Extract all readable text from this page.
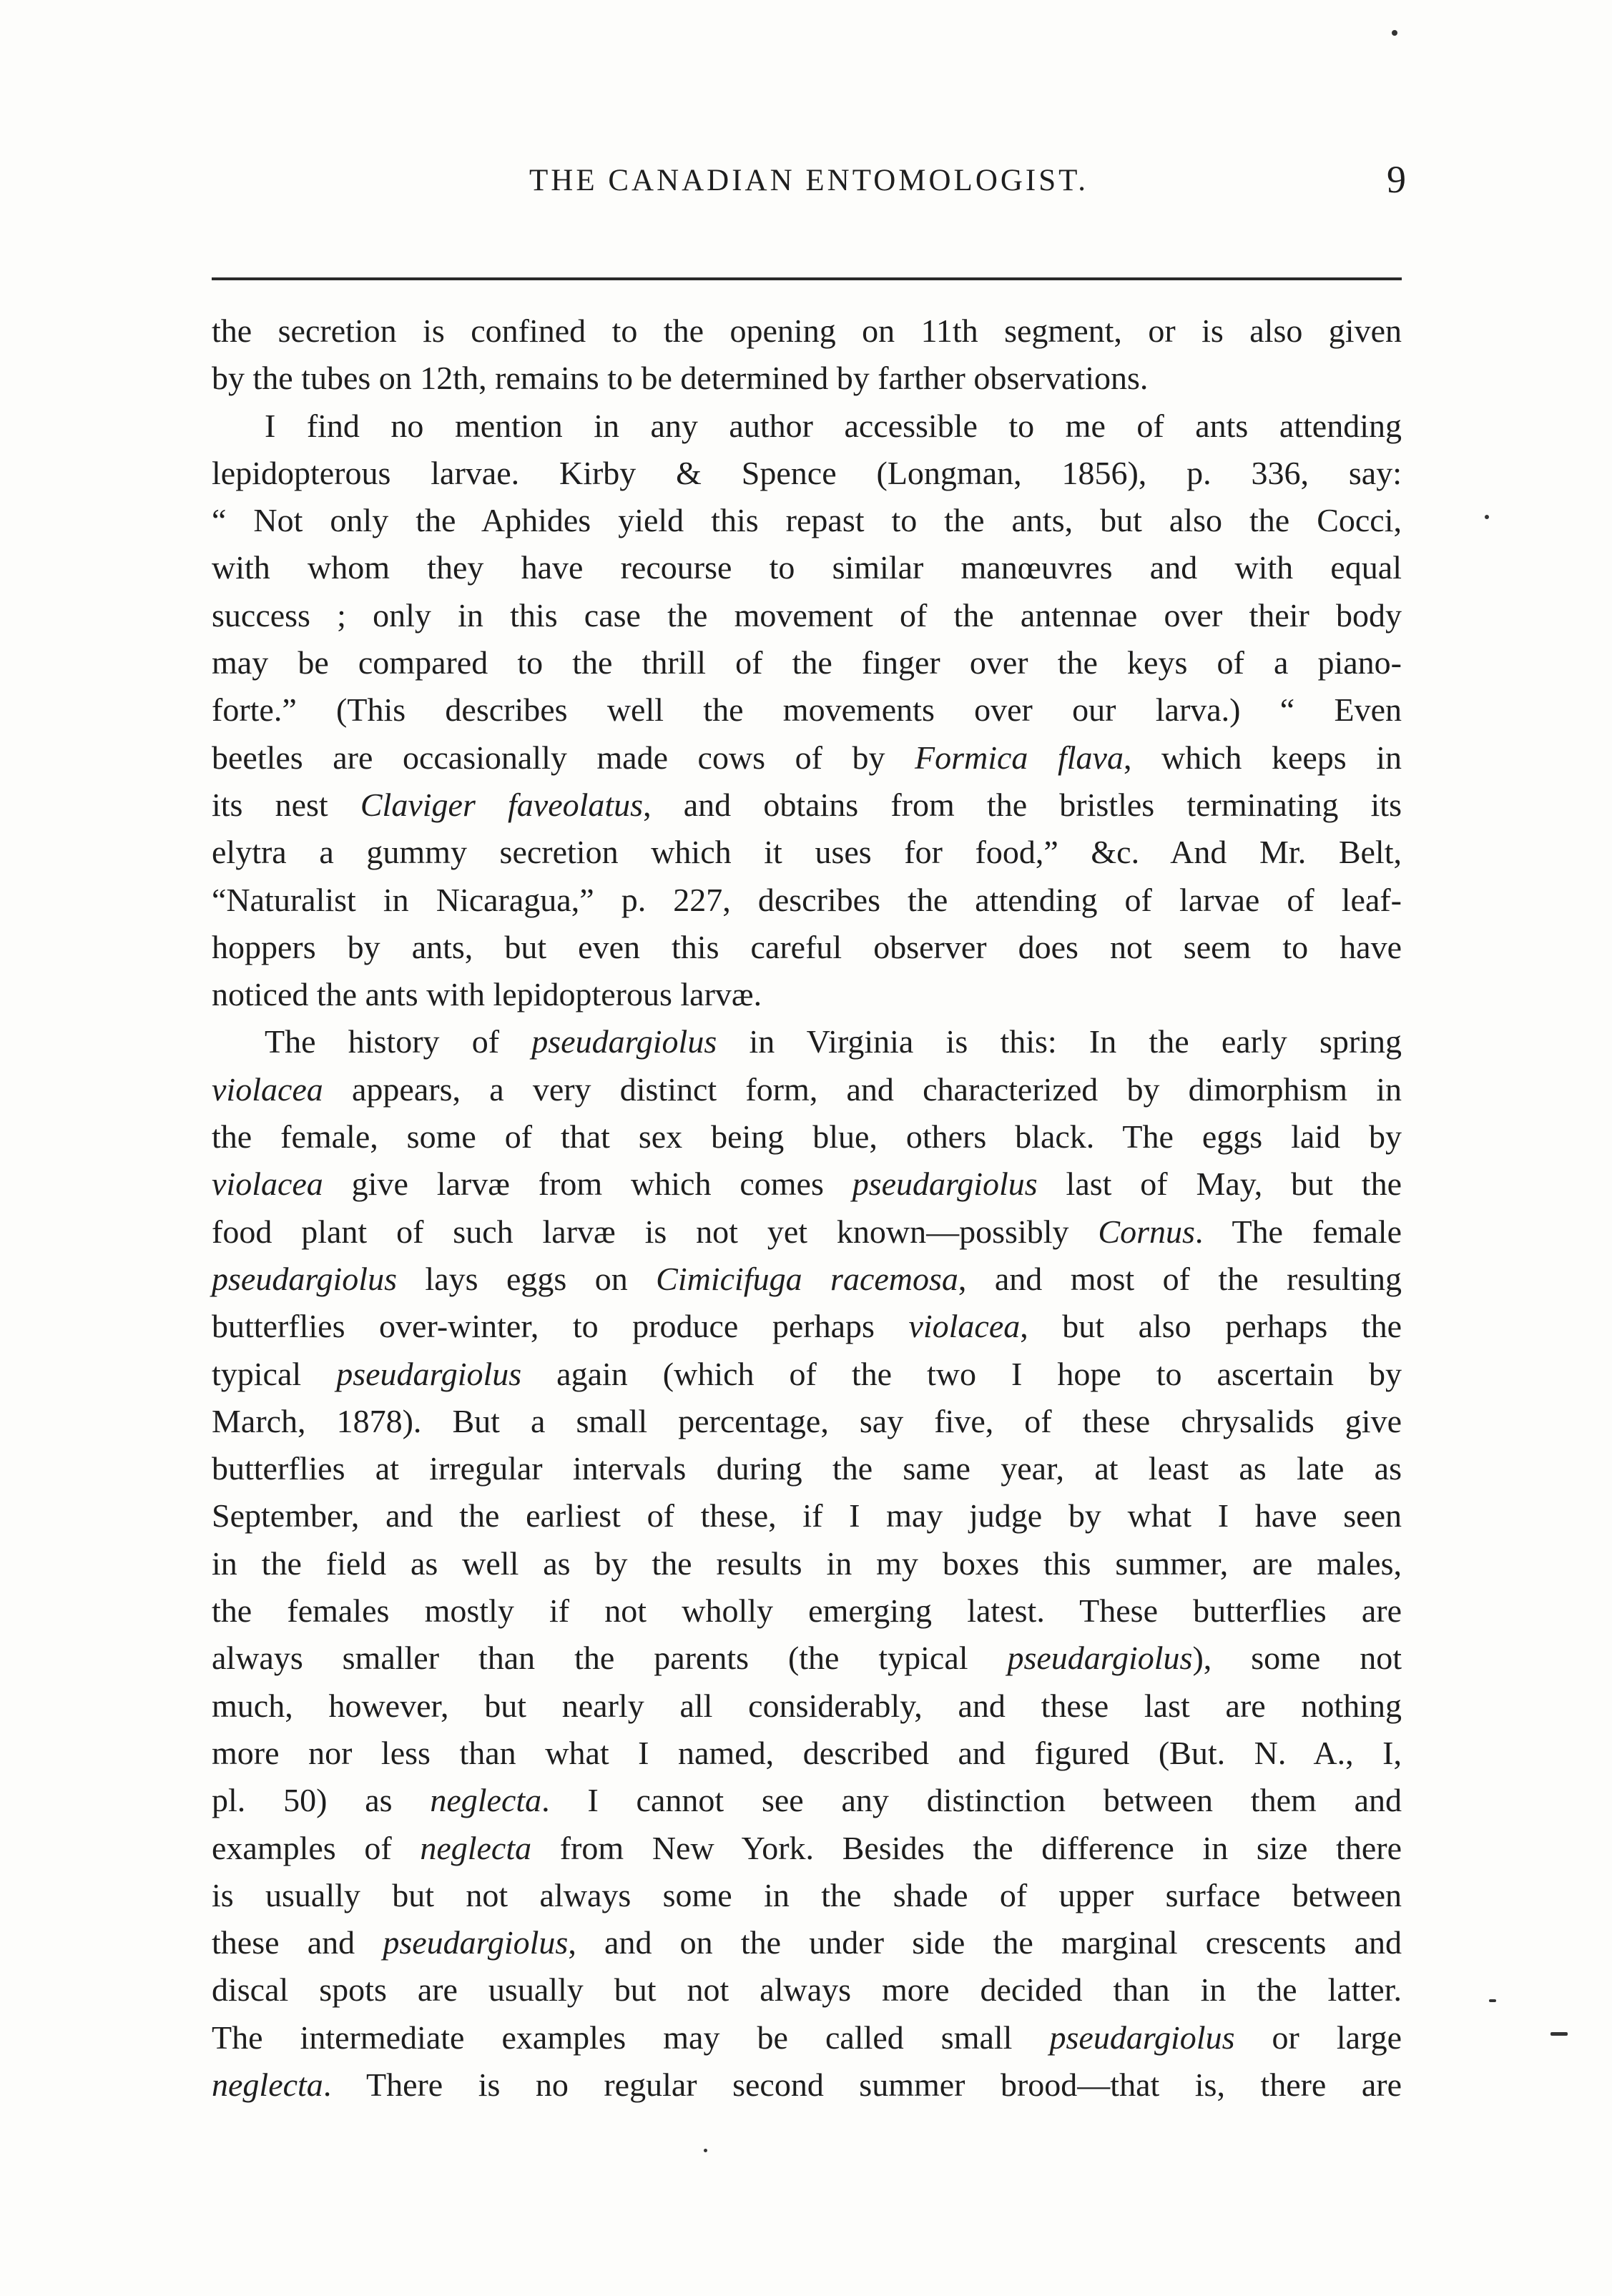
THE CANADIAN ENTOMOLOGIST.	9
the secretion is confined to the opening on 11th segment, or is also given
by the tubes on 12th, remains to be determined by farther observations.
I find no mention in any author accessible to me of ants attending
lepidopterous larvae. Kirby & Spence (Longman, 1856), p. 336, say:
“ Not only the Aphides yield this repast to the ants, but also the Cocci,
with whom they have recourse to similar manœuvres and with equal
success ; only in this case the movement of the antennae over their body
may be compared to the thrill of the finger over the keys of a piano-
forte.” (This describes well the movements over our larva.) “ Even
beetles are occasionally made cows of by Formica flava, which keeps in
its nest Claviger faveolatus, and obtains from the bristles terminating its
elytra a gummy secretion which it uses for food,” &c. And Mr. Belt,
“Naturalist in Nicaragua,” p. 227, describes the attending of larvae of leaf-
hoppers by ants, but even this careful observer does not seem to have
noticed the ants with lepidopterous larvæ.
The history of pseudargiolus in Virginia is this: In the early spring
violacea appears, a very distinct form, and characterized by dimorphism in
the female, some of that sex being blue, others black. The eggs laid by
violacea give larvæ from which comes pseudargiolus last of May, but the
food plant of such larvæ is not yet known—possibly Cornus. The female
pseudargiolus lays eggs on Cimicifuga racemosa, and most of the resulting
butterflies over-winter, to produce perhaps violacea, but also perhaps the
typical pseudargiolus again (which of the two I hope to ascertain by
March, 1878). But a small percentage, say five, of these chrysalids give
butterflies at irregular intervals during the same year, at least as late as
September, and the earliest of these, if I may judge by what I have seen
in the field as well as by the results in my boxes this summer, are males,
the females mostly if not wholly emerging latest. These butterflies are
always smaller than the parents (the typical pseudargiolus), some not
much, however, but nearly all considerably, and these last are nothing
more nor less than what I named, described and figured (But. N. A., I,
pl. 50) as neglecta. I cannot see any distinction between them and
examples of neglecta from New York. Besides the difference in size there
is usually but not always some in the shade of upper surface between
these and pseudargiolus, and on the under side the marginal crescents and
discal spots are usually but not always more decided than in the latter.
The intermediate examples may be called small pseudargiolus or large
neglecta. There is no regular second summer brood—that is, there are
